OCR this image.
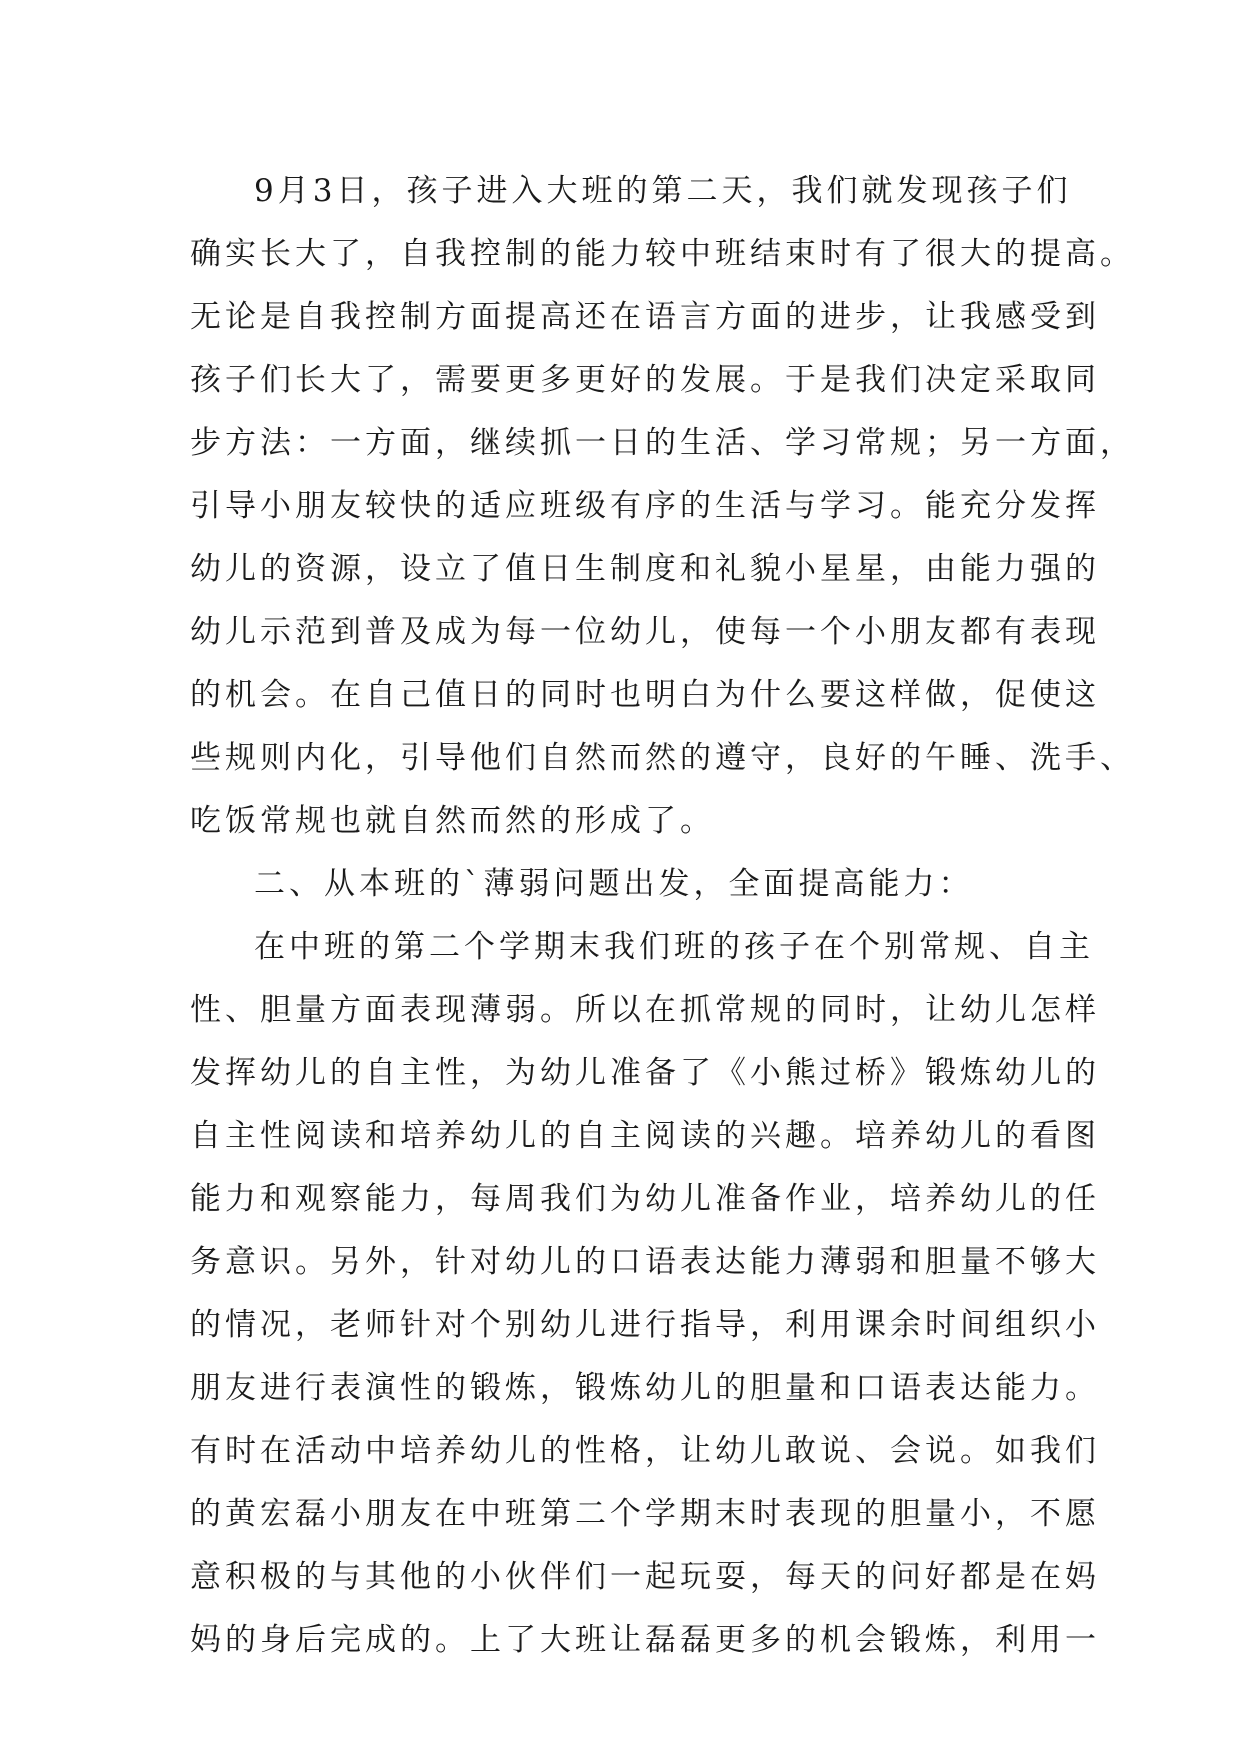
9月3日，孩子进入大班的第二天，我们就发现孩子们
确实长大了，自我控制的能力较中班结束时有了很大的提高。
无论是自我控制方面提高还在语言方面的进步，让我感受到
孩子们长大了，需要更多更好的发展。于是我们决定采取同
步方法：一方面，继续抓一日的生活、学习常规；另一方面，
引导小朋友较快的适应班级有序的生活与学习。能充分发挥
幼儿的资源，设立了值日生制度和礼貌小星星，由能力强的
幼儿示范到普及成为每一位幼儿，使每一个小朋友都有表现
的机会。在自己值日的同时也明白为什么要这样做，促使这
些规则内化，引导他们自然而然的遵守，良好的午睡、洗手、
吃饭常规也就自然而然的形成了。
二、从本班的`薄弱问题出发，全面提高能力：
在中班的第二个学期末我们班的孩子在个别常规、自主
性、胆量方面表现薄弱。所以在抓常规的同时，让幼儿怎样
发挥幼儿的自主性，为幼儿准备了《小熊过桥》锻炼幼儿的
自主性阅读和培养幼儿的自主阅读的兴趣。培养幼儿的看图
能力和观察能力，每周我们为幼儿准备作业，培养幼儿的任
务意识。另外，针对幼儿的口语表达能力薄弱和胆量不够大
的情况，老师针对个别幼儿进行指导，利用课余时间组织小
朋友进行表演性的锻炼，锻炼幼儿的胆量和口语表达能力。
有时在活动中培养幼儿的性格，让幼儿敢说、会说。如我们
的黄宏磊小朋友在中班第二个学期末时表现的胆量小，不愿
意积极的与其他的小伙伴们一起玩耍，每天的问好都是在妈
妈的身后完成的。上了大班让磊磊更多的机会锻炼，利用一
